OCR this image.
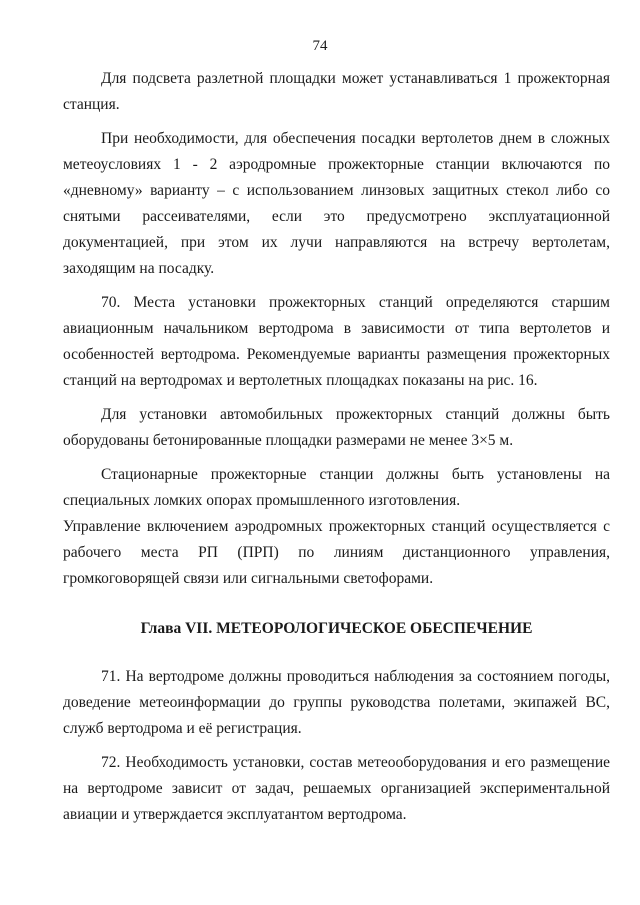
74

Для подсвета разлетной площадки может устанавливаться 1 прожекторная станция.

При необходимости, для обеспечения посадки вертолетов днем в сложных метеоусловиях 1 - 2 аэродромные прожекторные станции включаются по «дневному» варианту – с использованием линзовых защитных стекол либо со снятыми рассеивателями, если это предусмотрено эксплуатационной документацией, при этом их лучи направляются на встречу вертолетам, заходящим на посадку.

70. Места установки прожекторных станций определяются старшим авиационным начальником вертодрома в зависимости от типа вертолетов и особенностей вертодрома. Рекомендуемые варианты размещения прожекторных станций на вертодромах и вертолетных площадках показаны на рис. 16.

Для установки автомобильных прожекторных станций должны быть оборудованы бетонированные площадки размерами не менее 3×5 м.

Стационарные прожекторные станции должны быть установлены на специальных ломких опорах промышленного изготовления.

Управление включением аэродромных прожекторных станций осуществляется с рабочего места РП (ПРП) по линиям дистанционного управления, громкоговорящей связи или сигнальными светофорами.

Глава VII. МЕТЕОРОЛОГИЧЕСКОЕ ОБЕСПЕЧЕНИЕ

71. На вертодроме должны проводиться наблюдения за состоянием погоды, доведение метеоинформации до группы руководства полетами, экипажей ВС, служб вертодрома и её регистрация.

72. Необходимость установки, состав метеооборудования и его размещение на вертодроме зависит от задач, решаемых организацией экспериментальной авиации и утверждается эксплуатантом вертодрома.
